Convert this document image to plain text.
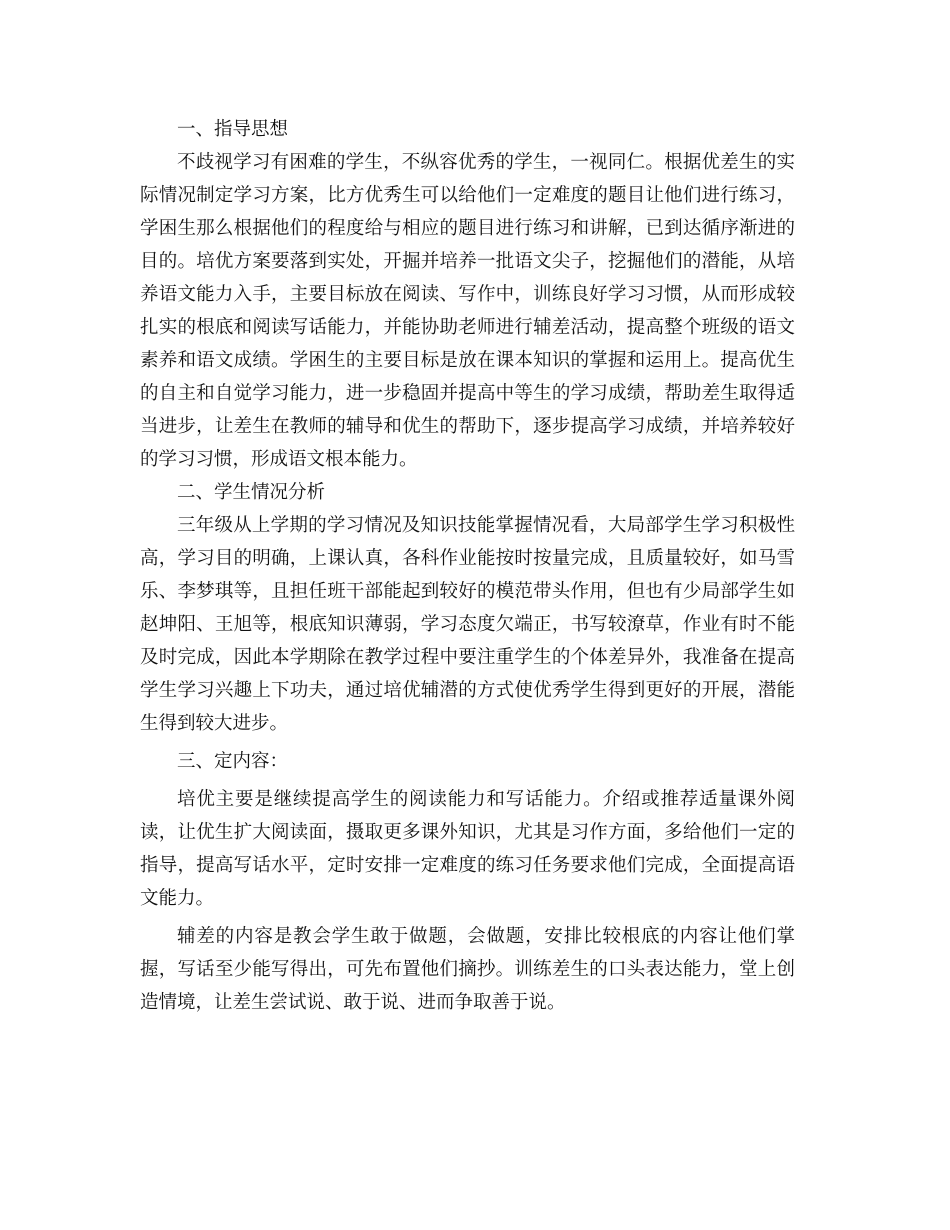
一、指导思想

不歧视学习有困难的学生，不纵容优秀的学生，一视同仁。根据优差生的实际情况制定学习方案，比方优秀生可以给他们一定难度的题目让他们进行练习，学困生那么根据他们的程度给与相应的题目进行练习和讲解，已到达循序渐进的目的。培优方案要落到实处，开掘并培养一批语文尖子，挖掘他们的潜能，从培养语文能力入手，主要目标放在阅读、写作中，训练良好学习习惯，从而形成较扎实的根底和阅读写话能力，并能协助老师进行辅差活动，提高整个班级的语文素养和语文成绩。学困生的主要目标是放在课本知识的掌握和运用上。提高优生的自主和自觉学习能力，进一步稳固并提高中等生的学习成绩，帮助差生取得适当进步，让差生在教师的辅导和优生的帮助下，逐步提高学习成绩，并培养较好的学习习惯，形成语文根本能力。

二、学生情况分析

三年级从上学期的学习情况及知识技能掌握情况看，大局部学生学习积极性高，学习目的明确，上课认真，各科作业能按时按量完成，且质量较好，如马雪乐、李梦琪等，且担任班干部能起到较好的模范带头作用，但也有少局部学生如赵坤阳、王旭等，根底知识薄弱，学习态度欠端正，书写较潦草，作业有时不能及时完成，因此本学期除在教学过程中要注重学生的个体差异外，我准备在提高学生学习兴趣上下功夫，通过培优辅潜的方式使优秀学生得到更好的开展，潜能生得到较大进步。

三、定内容：

培优主要是继续提高学生的阅读能力和写话能力。介绍或推荐适量课外阅读，让优生扩大阅读面，摄取更多课外知识，尤其是习作方面，多给他们一定的指导，提高写话水平，定时安排一定难度的练习任务要求他们完成，全面提高语文能力。

辅差的内容是教会学生敢于做题，会做题，安排比较根底的内容让他们掌握，写话至少能写得出，可先布置他们摘抄。训练差生的口头表达能力，堂上创造情境，让差生尝试说、敢于说、进而争取善于说。
